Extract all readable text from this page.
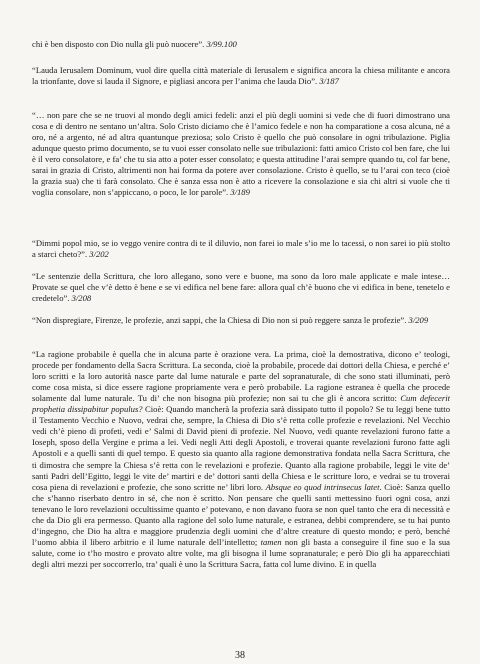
chi è ben disposto con Dio nulla gli può nuocere”. 3/99.100

“Lauda Ierusalem Dominum, vuol dire quella città materiale di Ierusalem e significa ancora la chiesa militante e ancora la trionfante, dove si lauda il Signore, e pigliasi ancora per l’anima che lauda Dio”. 3/187

“… non pare che se ne truovi al mondo degli amici fedeli: anzi el più degli uomini si vede che di fuori dimostrano una cosa e di dentro ne sentano un’altra. Solo Cristo diciamo che è l’amico fedele e non ha comparatione a cosa alcuna, né a oro, né a argento, né ad altra quantunque preziosa; solo Cristo è quello che può consolare in ogni tribulazione. Piglia adunque questo primo documento, se tu vuoi esser consolato nelle sue tribulazioni: fatti amico Cristo col ben fare, che lui è il vero consolatore, e fa’ che tu sia atto a poter esser consolato; e questa attitudine l’arai sempre quando tu, col far bene, sarai in grazia di Cristo, altrimenti non hai forma da potere aver consolazione. Cristo è quello, se tu l’arai con teco (cioè la grazia sua) che ti farà consolato. Che è sanza essa non è atto a ricevere la consolazione e sia chi altri si vuole che ti voglia consolare, non s’appiccano, o poco, le lor parole”. 3/189

“Dimmi popol mio, se io veggo venire contra di te il diluvio, non farei io male s’io me lo tacessi, o non sarei io più stolto a starci cheto?”. 3/202

“Le sentenzie della Scrittura, che loro allegano, sono vere e buone, ma sono da loro male applicate e male intese… Provate se quel che v’è detto è bene e se vi edifica nel bene fare: allora qual ch’è buono che vi edifica in bene, tenetelo e credetelo”. 3/208

“Non dispregiare, Firenze, le profezie, anzi sappi, che la Chiesa di Dio non si può reggere sanza le profezie”. 3/209

“La ragione probabile è quella che in alcuna parte è orazione vera. La prima, cioè la demostrativa, dicono e’ teologi, procede per fondamento della Sacra Scrittura. La seconda, cioè la probabile, procede dai dottori della Chiesa, e perché e’ loro scritti e la loro autorità nasce parte dal lume naturale e parte del sopranaturale, di che sono stati illuminati, però come cosa mista, si dice essere ragione propriamente vera e però probabile. La ragione estranea è quella che procede solamente dal lume naturale. Tu di’ che non bisogna più profezie; non sai tu che gli è ancora scritto: Cum defecerit prophetia dissipabitur populus? Cioè: Quando mancherà la profezia sarà dissipato tutto il popolo? Se tu leggi bene tutto il Testamento Vecchio e Nuovo, vedrai che, sempre, la Chiesa di Dio s’è retta colle profezie e revelazioni. Nel Vecchio vedi ch’è pieno di profeti, vedi e’ Salmi di David pieni di profezie. Nel Nuovo, vedi quante revelazioni furono fatte a Ioseph, sposo della Vergine e prima a lei. Vedi negli Atti degli Apostoli, e troverai quante revelazioni furono fatte agli Apostoli e a quelli santi di quel tempo. E questo sia quanto alla ragione demonstrativa fondata nella Sacra Scrittura, che ti dimostra che sempre la Chiesa s’è retta con le revelazioni e profezie. Quanto alla ragione probabile, leggi le vite de’ santi Padri dell’Egitto, leggi le vite de’ martiri e de’ dottori santi della Chiesa e le scritture loro, e vedrai se tu troverai cosa piena di revelazioni e profezie, che sono scritte ne’ libri loro. Absque eo quod intrinsecus latet. Cioè: Sanza quello che s’hanno riserbato dentro in sé, che non è scritto. Non pensare che quelli santi mettessino fuori ogni cosa, anzi tenevano le loro revelazioni occultissime quanto e’ potevano, e non davano fuora se non quel tanto che era di necessità e che da Dio gli era permesso. Quanto alla ragione del solo lume naturale, e estranea, debbi comprendere, se tu hai punto d’ingegno, che Dio ha altra e maggiore prudenzia degli uomini che d’altre creature di questo mondo; e però, benché l’uomo abbia il libero arbitrio e il lume naturale dell’intelletto; tamen non gli basta a conseguire il fine suo e la sua salute, come io t’ho mostro e provato altre volte, ma gli bisogna il lume sopranaturale; e però Dio gli ha apparecchiati degli altri mezzi per soccorrerlo, tra’ quali è uno la Scrittura Sacra, fatta col lume divino. E in quella

38
